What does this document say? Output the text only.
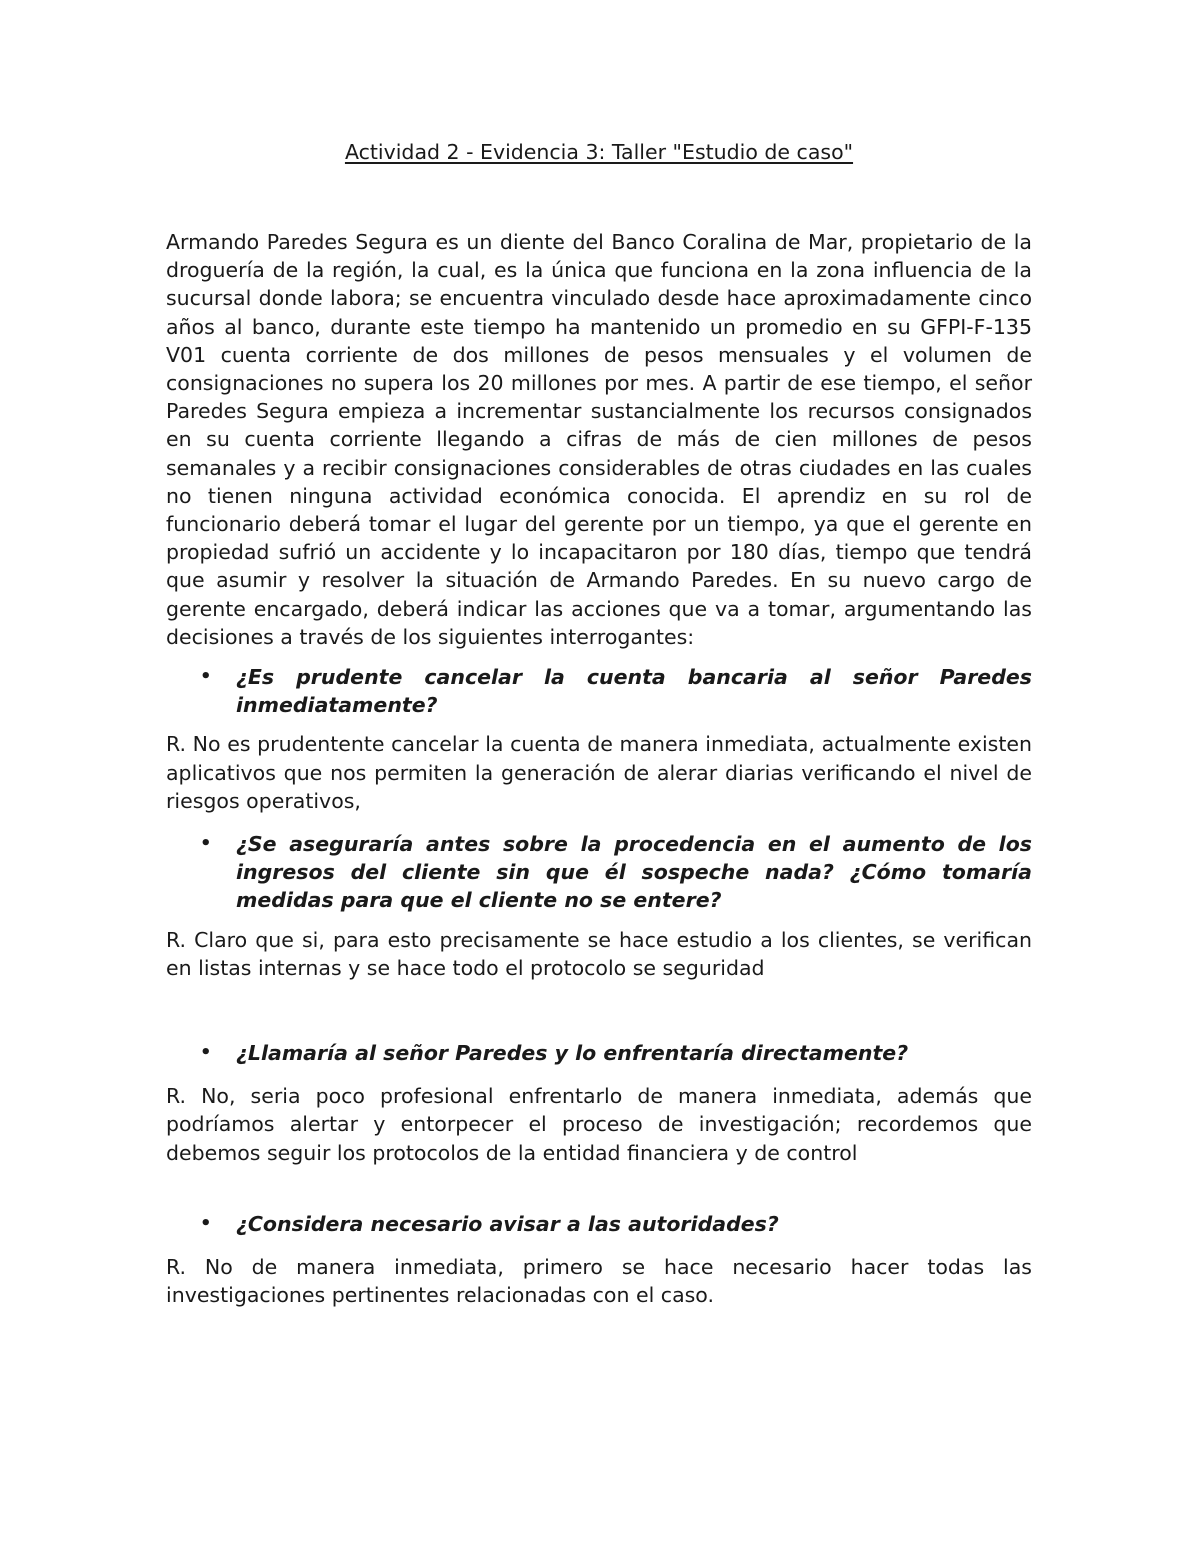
Actividad 2 - Evidencia 3: Taller "Estudio de caso"

Armando Paredes Segura es un diente del Banco Coralina de Mar, propietario de la droguería de la región, la cual, es la única que funciona en la zona influencia de la sucursal donde labora; se encuentra vinculado desde hace aproximadamente cinco años al banco, durante este tiempo ha mantenido un promedio en su GFPI-F-135 V01 cuenta corriente de dos millones de pesos mensuales y el volumen de consignaciones no supera los 20 millones por mes. A partir de ese tiempo, el señor Paredes Segura empieza a incrementar sustancialmente los recursos consignados en su cuenta corriente llegando a cifras de más de cien millones de pesos semanales y a recibir consignaciones considerables de otras ciudades en las cuales no tienen ninguna actividad económica conocida. El aprendiz en su rol de funcionario deberá tomar el lugar del gerente por un tiempo, ya que el gerente en propiedad sufrió un accidente y lo incapacitaron por 180 días, tiempo que tendrá que asumir y resolver la situación de Armando Paredes. En su nuevo cargo de gerente encargado, deberá indicar las acciones que va a tomar, argumentando las decisiones a través de los siguientes interrogantes:

• ¿Es prudente cancelar la cuenta bancaria al señor Paredes inmediatamente?

R. No es prudentente cancelar la cuenta de manera inmediata, actualmente existen aplicativos que nos permiten la generación de alerar diarias verificando el nivel de riesgos operativos,

• ¿Se aseguraría antes sobre la procedencia en el aumento de los ingresos del cliente sin que él sospeche nada? ¿Cómo tomaría medidas para que el cliente no se entere?

R. Claro que si, para esto precisamente se hace estudio a los clientes, se verifican en listas internas y se hace todo el protocolo se seguridad

• ¿Llamaría al señor Paredes y lo enfrentaría directamente?

R. No, seria poco profesional enfrentarlo de manera inmediata, además que podríamos alertar y entorpecer el proceso de investigación; recordemos que debemos seguir los protocolos de la entidad financiera y de control

• ¿Considera necesario avisar a las autoridades?

R. No de manera inmediata, primero se hace necesario hacer todas las investigaciones pertinentes relacionadas con el caso.
